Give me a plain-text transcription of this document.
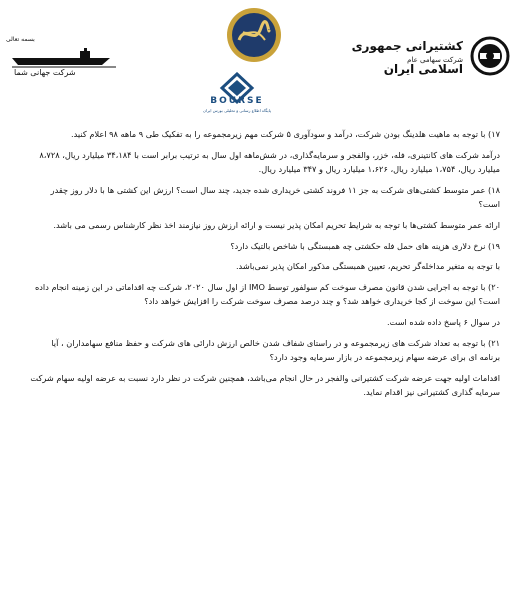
کشتیرانی جمهوری
شرکت سهامی عام
اسلامی ایران
بسمه تعالی
شرکت جهانی شما
BOURSE
پایگاه اطلاع رسانی و تحلیلی بورس ایران

۱۷) با توجه به ماهیت هلدینگ بودن شرکت، درآمد و سودآوری ۵ شرکت مهم زیرمجموعه را به تفکیک طی ۹ ماهه ۹۸ اعلام کنید.

درآمد شرکت های کانتینری، فله، خزر، والفجر و سرمایه‌گذاری، در شش‌ماهه اول سال به ترتیب برابر است با ۳۴،۱۸۴ میلیارد ریال، ۸،۷۲۸ میلیارد ریال، ۱،۷۵۴ میلیارد ریال، ۱،۶۲۶ میلیارد ریال و ۳۴۷ میلیارد ریال.

۱۸) عمر متوسط کشتی‌های شرکت به جز ۱۱ فروند کشتی خریداری شده جدید، چند سال است؟ ارزش این کشتی ها با دلار روز چقدر است؟

ارائه عمر متوسط کشتی‌ها با توجه به شرایط تحریم امکان پذیر نیست و ارائه ارزش روز نیازمند اخذ نظر کارشناس رسمی می باشد.

۱۹) نرخ دلاری هزینه های حمل فله حکشتی چه همبستگی با شاخص بالتیک دارد؟

با توجه به متغیر مداخله‌گر تحریم، تعیین همبستگی مذکور امکان پذیر نمی‌باشد.

۲۰) با توجه به اجرایی شدن قانون مصرف سوخت کم سولفور توسط IMO از اول سال ۲۰۲۰، شرکت چه اقداماتی در این زمینه انجام داده است؟ این سوخت از کجا خریداری خواهد شد؟ و چند درصد مصرف سوخت شرکت را افزایش خواهد داد؟

در سوال ۶ پاسخ داده شده است.

۲۱) با توجه به تعداد شرکت های زیرمجموعه و در راستای شفاف شدن خالص ارزش دارائی های شرکت و حفظ منافع سهامداران ، آیا برنامه ای برای عرضه سهام زیرمجموعه در بازار سرمایه وجود دارد؟

اقدامات اولیه جهت عرضه شرکت کشتیرانی والفجر در حال انجام می‌باشد، همچنین شرکت در نظر دارد نسبت به عرضه اولیه سهام شرکت سرمایه گذاری کشتیرانی نیز اقدام نماید.
